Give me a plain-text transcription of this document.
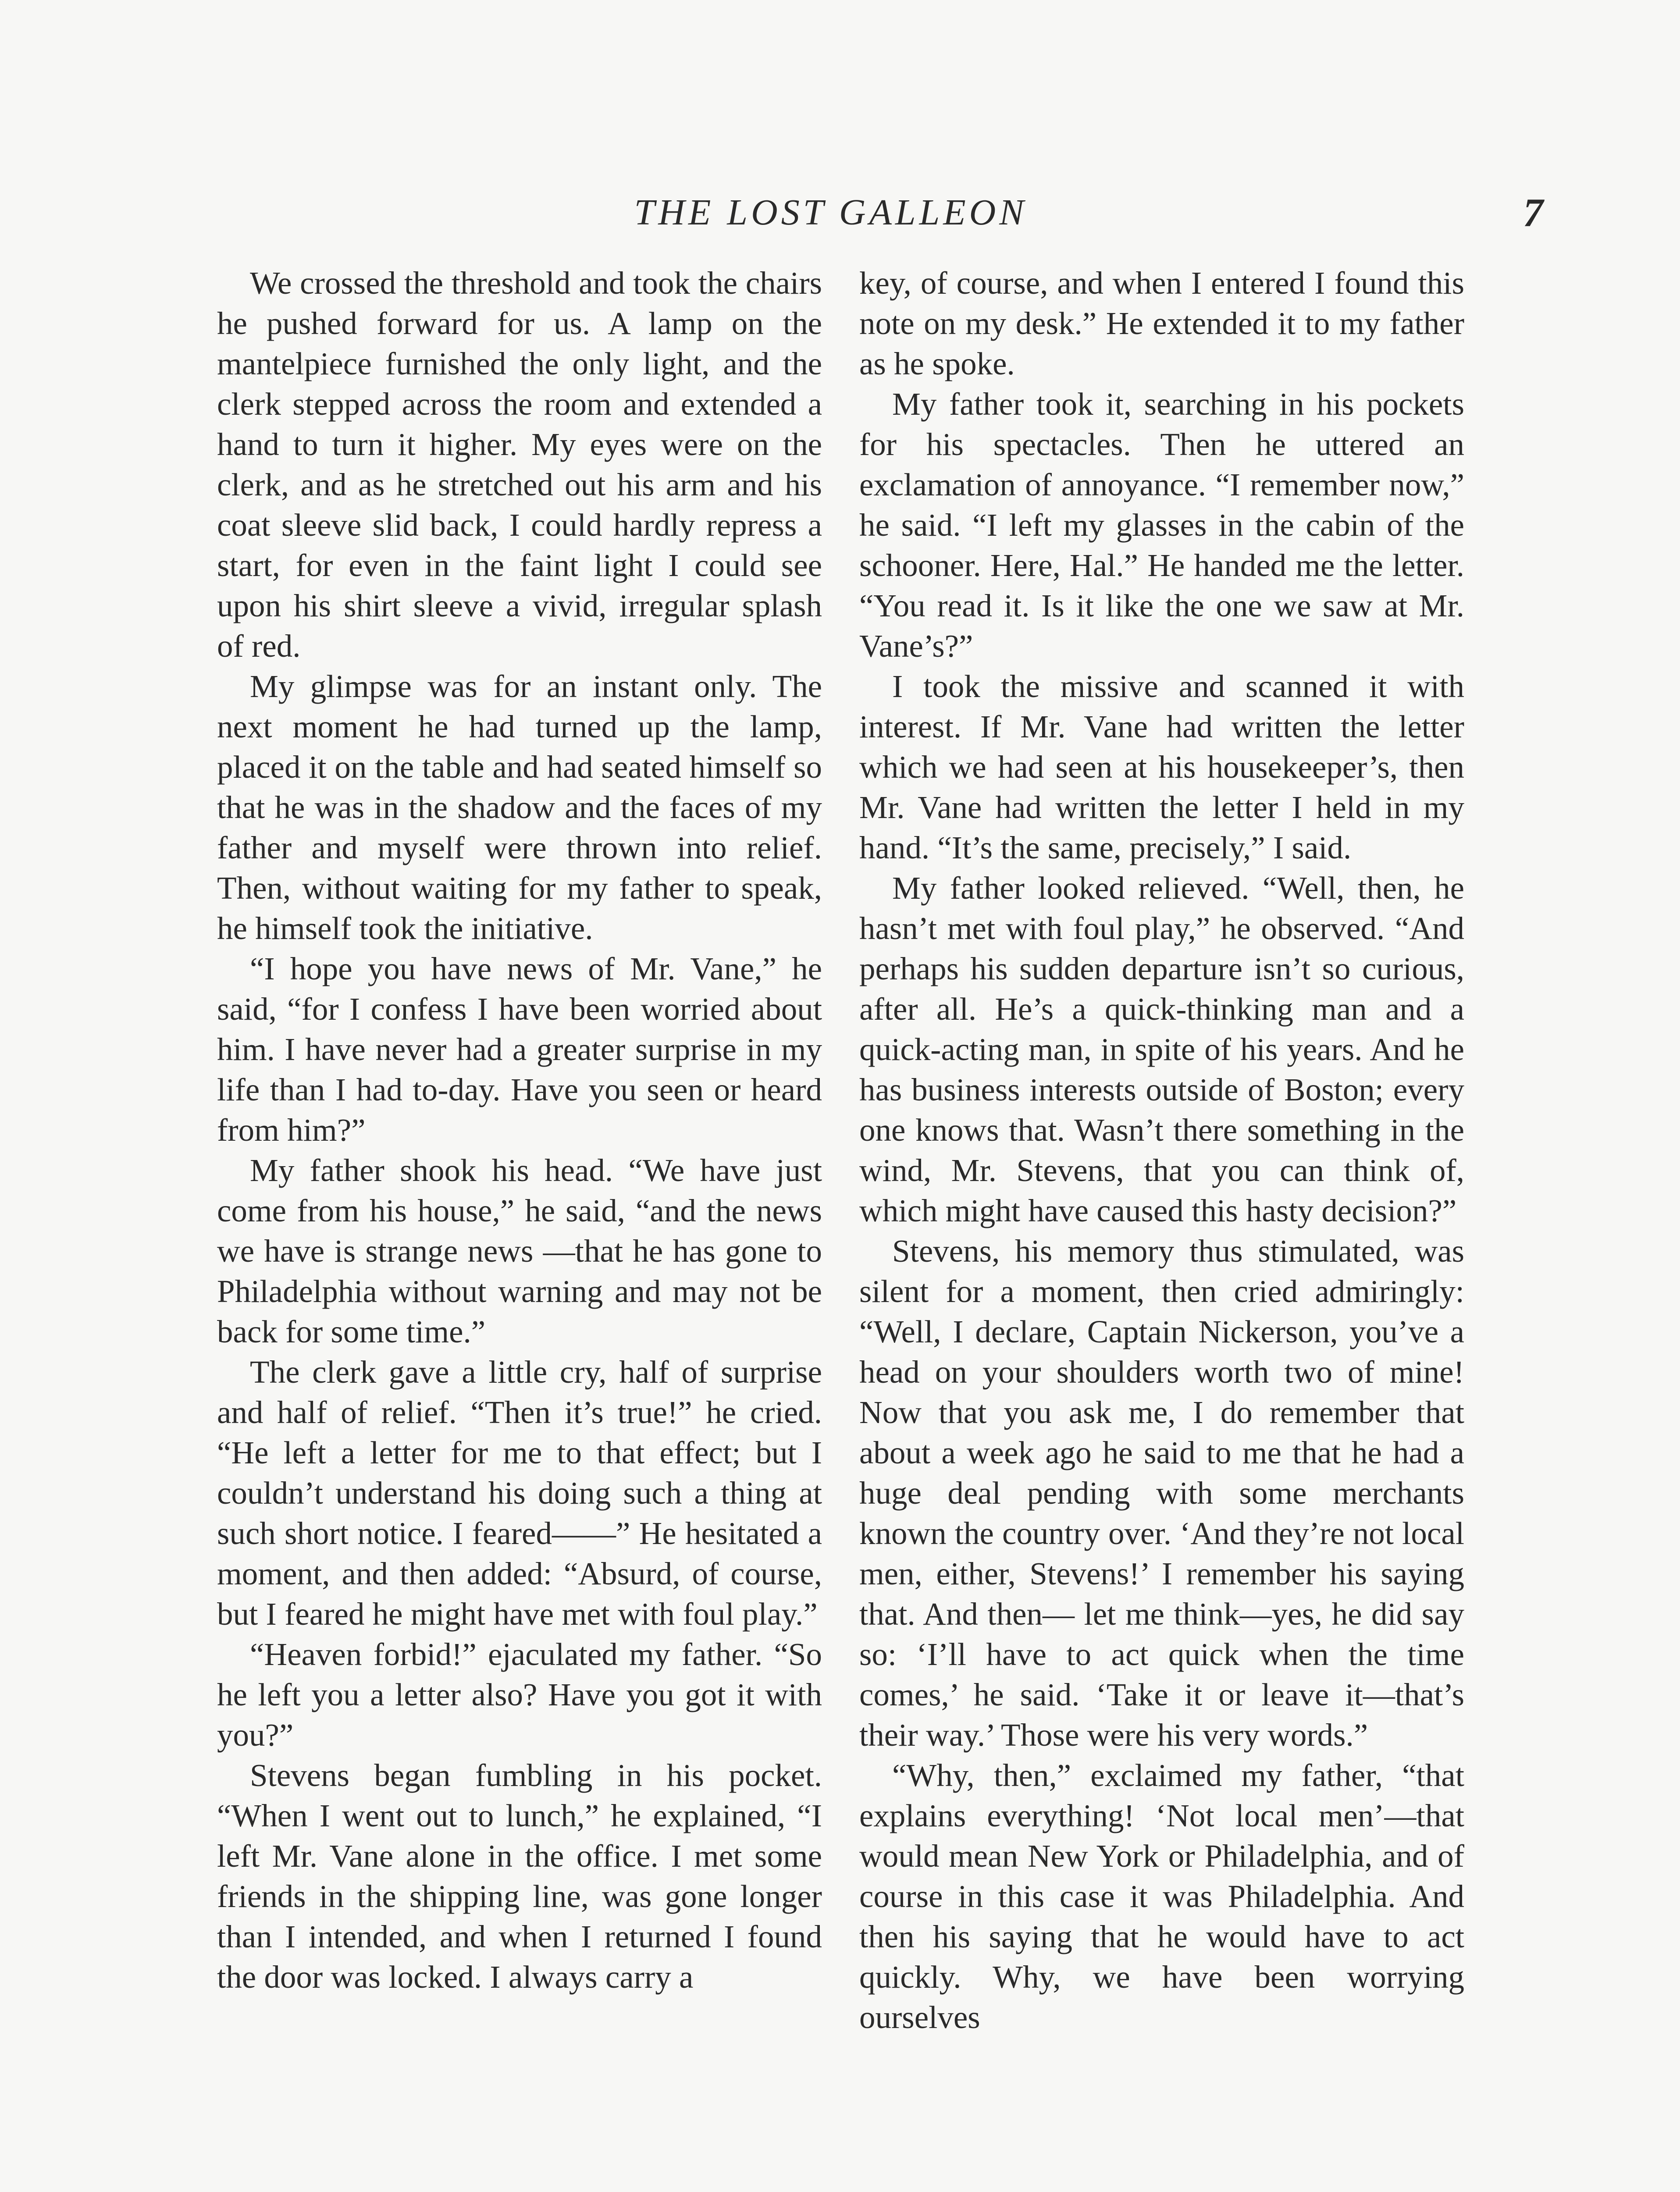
THE LOST GALLEON	7

We crossed the threshold and took the chairs he pushed forward for us. A lamp on the mantelpiece furnished the only light, and the clerk stepped across the room and extended a hand to turn it higher. My eyes were on the clerk, and as he stretched out his arm and his coat sleeve slid back, I could hardly repress a start, for even in the faint light I could see upon his shirt sleeve a vivid, irregular splash of red.

My glimpse was for an instant only. The next moment he had turned up the lamp, placed it on the table and had seated himself so that he was in the shadow and the faces of my father and myself were thrown into relief. Then, without waiting for my father to speak, he himself took the initiative.

“I hope you have news of Mr. Vane,” he said, “for I confess I have been worried about him. I have never had a greater surprise in my life than I had to-day. Have you seen or heard from him?”

My father shook his head. “We have just come from his house,” he said, “and the news we have is strange news —that he has gone to Philadelphia without warning and may not be back for some time.”

The clerk gave a little cry, half of surprise and half of relief. “Then it’s true!” he cried. “He left a letter for me to that effect; but I couldn’t understand his doing such a thing at such short notice. I feared——” He hesitated a moment, and then added: “Absurd, of course, but I feared he might have met with foul play.”

“Heaven forbid!” ejaculated my father. “So he left you a letter also? Have you got it with you?”

Stevens began fumbling in his pocket. “When I went out to lunch,” he explained, “I left Mr. Vane alone in the office. I met some friends in the shipping line, was gone longer than I intended, and when I returned I found the door was locked. I always carry a

key, of course, and when I entered I found this note on my desk.” He extended it to my father as he spoke.

My father took it, searching in his pockets for his spectacles. Then he uttered an exclamation of annoyance. “I remember now,” he said. “I left my glasses in the cabin of the schooner. Here, Hal.” He handed me the letter. “You read it. Is it like the one we saw at Mr. Vane’s?”

I took the missive and scanned it with interest. If Mr. Vane had written the letter which we had seen at his housekeeper’s, then Mr. Vane had written the letter I held in my hand. “It’s the same, precisely,” I said.

My father looked relieved. “Well, then, he hasn’t met with foul play,” he observed. “And perhaps his sudden departure isn’t so curious, after all. He’s a quick-thinking man and a quick-acting man, in spite of his years. And he has business interests outside of Boston; every one knows that. Wasn’t there something in the wind, Mr. Stevens, that you can think of, which might have caused this hasty decision?”

Stevens, his memory thus stimulated, was silent for a moment, then cried admiringly: “Well, I declare, Captain Nickerson, you’ve a head on your shoulders worth two of mine! Now that you ask me, I do remember that about a week ago he said to me that he had a huge deal pending with some merchants known the country over. ‘And they’re not local men, either, Stevens!’ I remember his saying that. And then— let me think—yes, he did say so: ‘I’ll have to act quick when the time comes,’ he said. ‘Take it or leave it—that’s their way.’ Those were his very words.”

“Why, then,” exclaimed my father, “that explains everything! ‘Not local men’—that would mean New York or Philadelphia, and of course in this case it was Philadelphia. And then his saying that he would have to act quickly. Why, we have been worrying ourselves
